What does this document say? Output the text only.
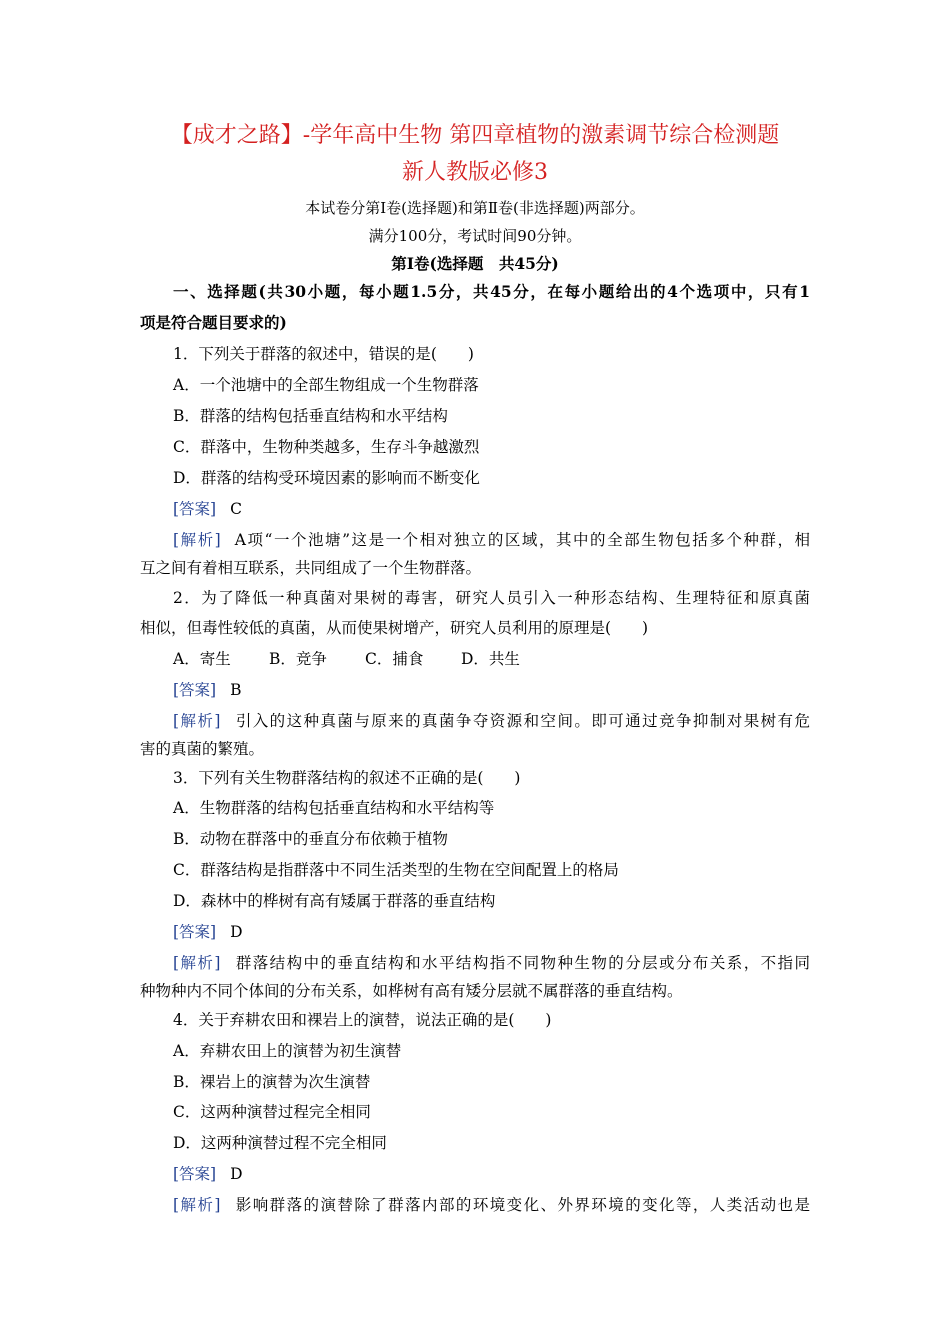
【成才之路】-学年高中生物 第四章植物的激素调节综合检测题
新人教版必修3
本试卷分第Ⅰ卷(选择题)和第Ⅱ卷(非选择题)两部分。
满分100分，考试时间90分钟。
第Ⅰ卷(选择题　共45分)
一、选择题(共30小题，每小题1.5分，共45分，在每小题给出的4个选项中，只有1
项是符合题目要求的)
1．下列关于群落的叙述中，错误的是(　　)
A．一个池塘中的全部生物组成一个生物群落
B．群落的结构包括垂直结构和水平结构
C．群落中，生物种类越多，生存斗争越激烈
D．群落的结构受环境因素的影响而不断变化
[答案] C
[解析] A项“一个池塘”这是一个相对独立的区域，其中的全部生物包括多个种群，相
互之间有着相互联系，共同组成了一个生物群落。
2．为了降低一种真菌对果树的毒害，研究人员引入一种形态结构、生理特征和原真菌
相似，但毒性较低的真菌，从而使果树增产，研究人员利用的原理是(　　)
A．寄生 B．竞争 C．捕食 D．共生
[答案] B
[解析] 引入的这种真菌与原来的真菌争夺资源和空间。即可通过竞争抑制对果树有危
害的真菌的繁殖。
3．下列有关生物群落结构的叙述不正确的是(　　)
A．生物群落的结构包括垂直结构和水平结构等
B．动物在群落中的垂直分布依赖于植物
C．群落结构是指群落中不同生活类型的生物在空间配置上的格局
D．森林中的桦树有高有矮属于群落的垂直结构
[答案] D
[解析] 群落结构中的垂直结构和水平结构指不同物种生物的分层或分布关系，不指同
种物种内不同个体间的分布关系，如桦树有高有矮分层就不属群落的垂直结构。
4．关于弃耕农田和裸岩上的演替，说法正确的是(　　)
A．弃耕农田上的演替为初生演替
B．裸岩上的演替为次生演替
C．这两种演替过程完全相同
D．这两种演替过程不完全相同
[答案] D
[解析] 影响群落的演替除了群落内部的环境变化、外界环境的变化等，人类活动也是
